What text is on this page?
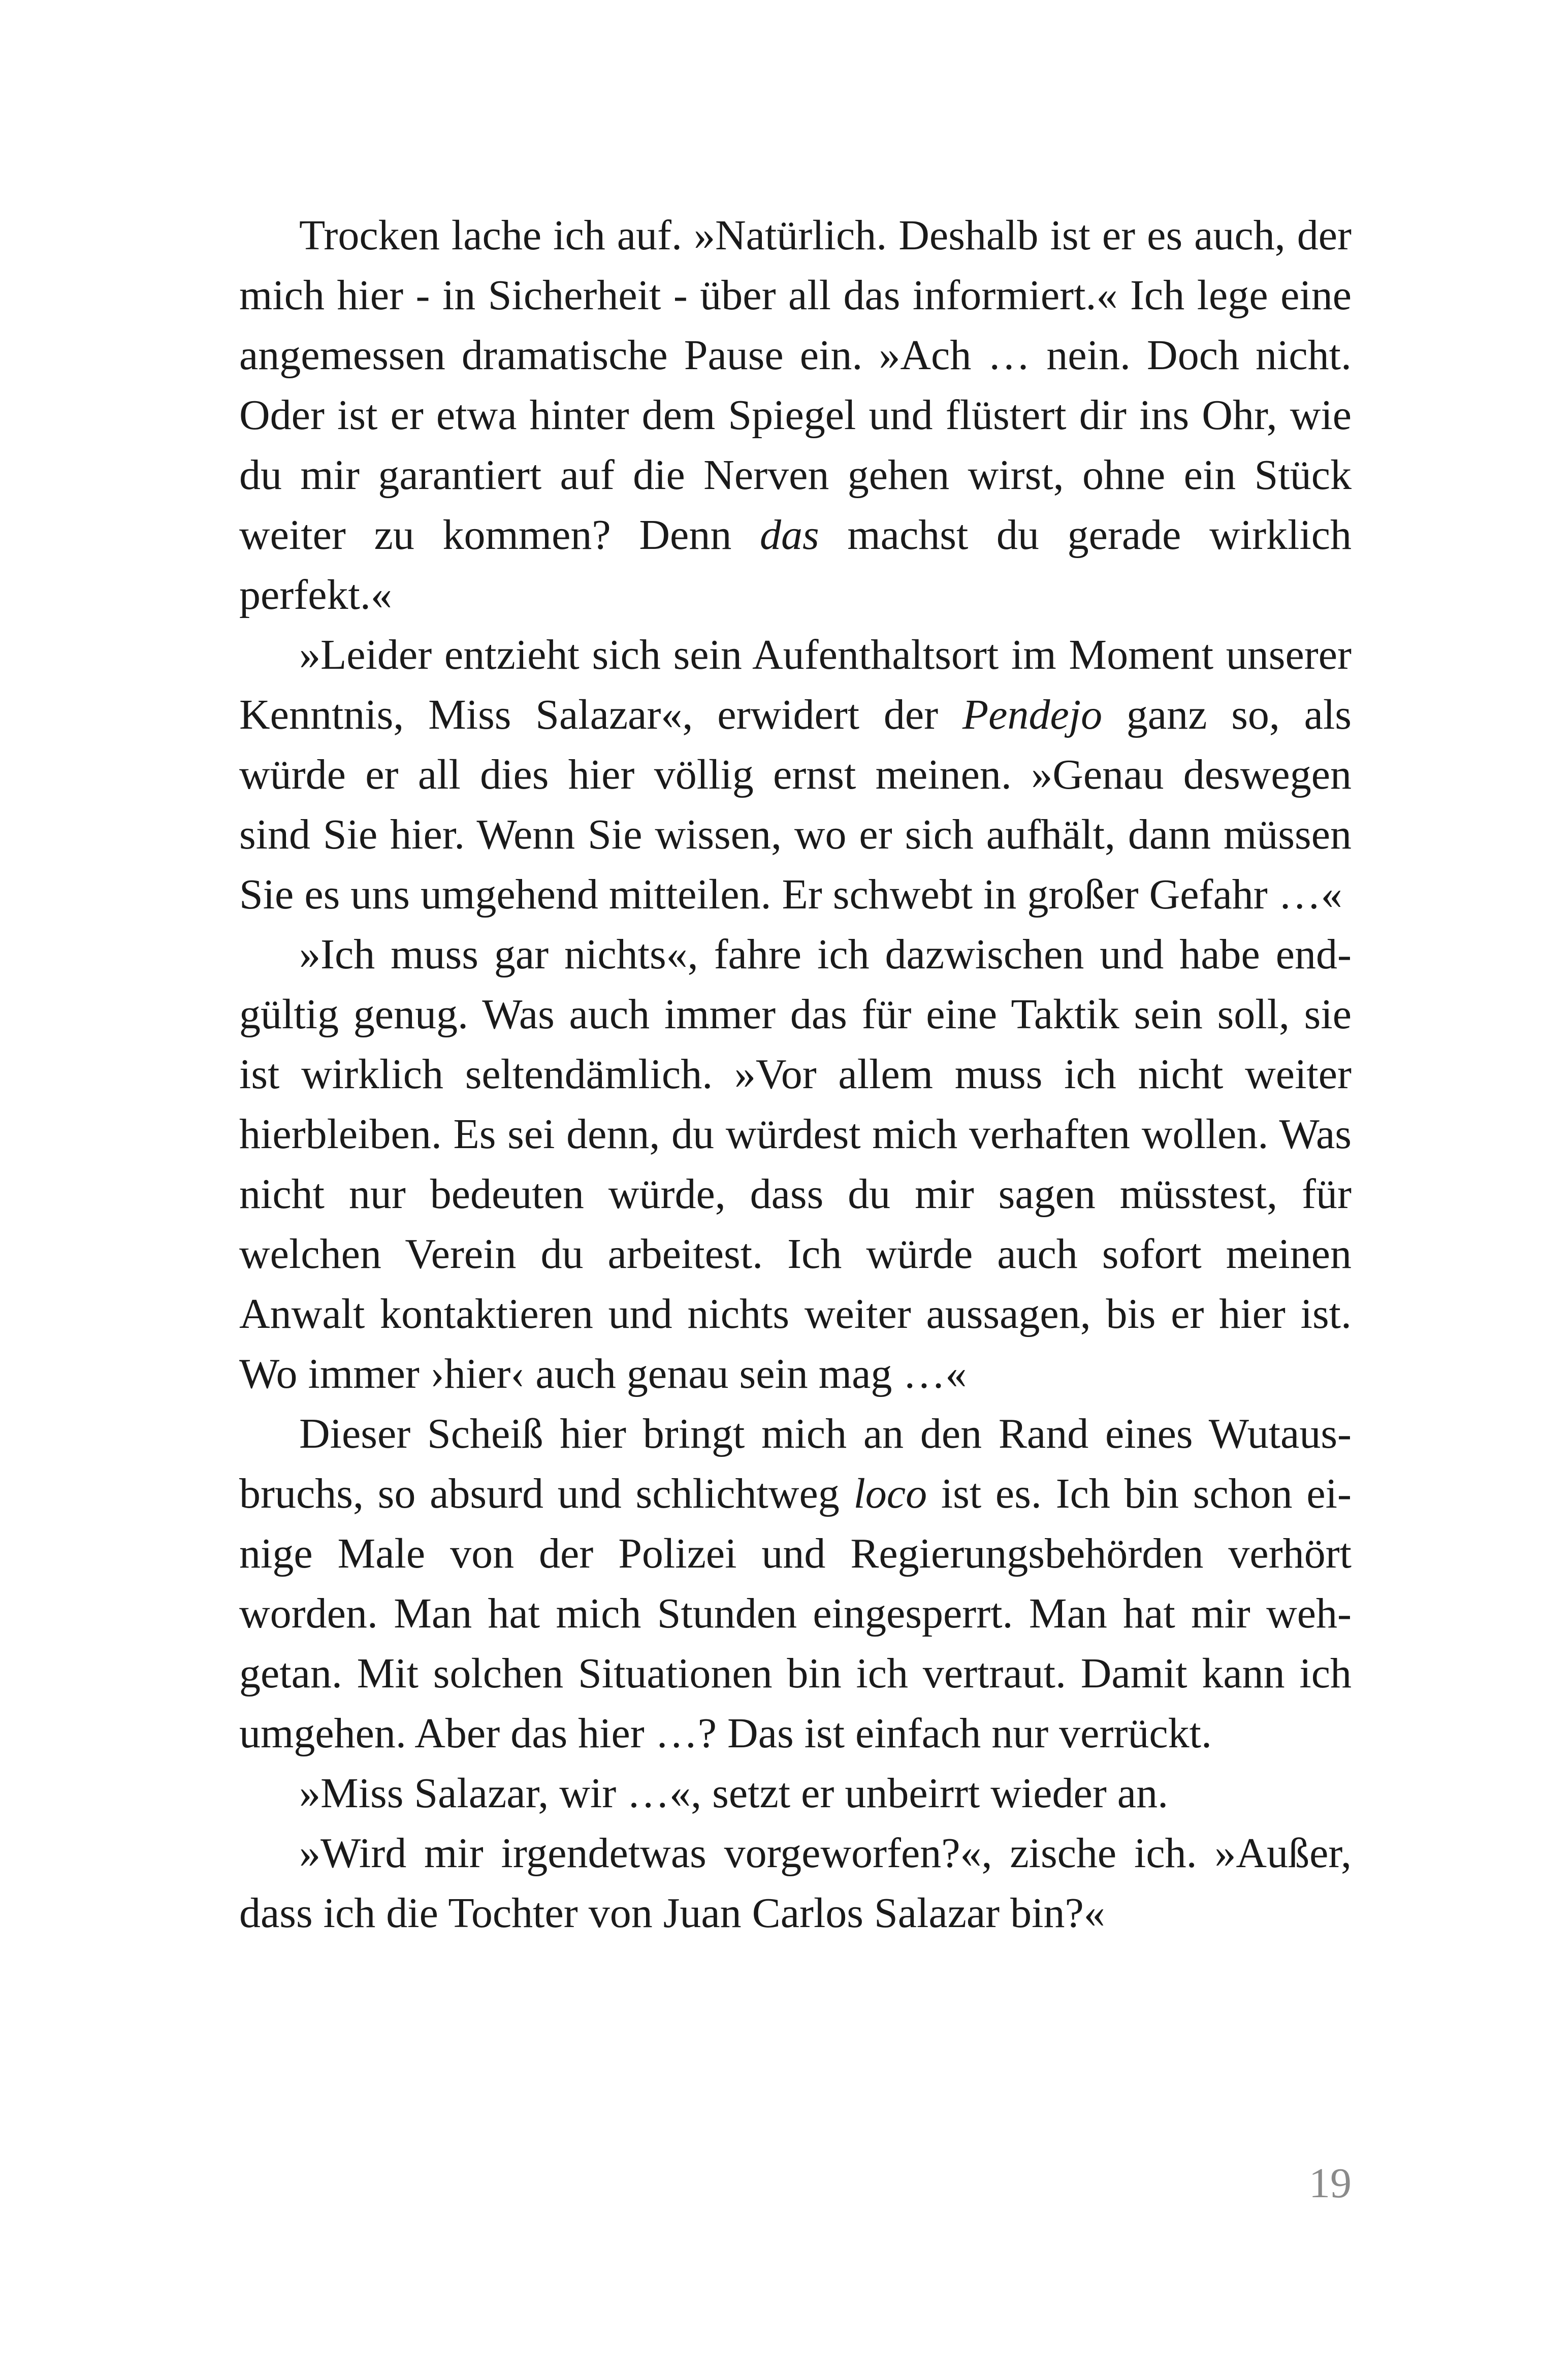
Trocken lache ich auf. »Natürlich. Deshalb ist er es auch, der mich hier - in Sicherheit - über all das informiert.« Ich lege eine angemessen dramatische Pause ein. »Ach … nein. Doch nicht. Oder ist er etwa hinter dem Spiegel und flüstert dir ins Ohr, wie du mir garantiert auf die Nerven gehen wirst, ohne ein Stück weiter zu kommen? Denn das machst du gerade wirklich perfekt.«

»Leider entzieht sich sein Aufenthaltsort im Moment unserer Kenntnis, Miss Salazar«, erwidert der Pendejo ganz so, als würde er all dies hier völlig ernst meinen. »Genau deswegen sind Sie hier. Wenn Sie wissen, wo er sich aufhält, dann müssen Sie es uns umgehend mitteilen. Er schwebt in großer Gefahr …«

»Ich muss gar nichts«, fahre ich dazwischen und habe endgültig genug. Was auch immer das für eine Taktik sein soll, sie ist wirklich seltendämlich. »Vor allem muss ich nicht weiter hierbleiben. Es sei denn, du würdest mich verhaften wollen. Was nicht nur bedeuten würde, dass du mir sagen müsstest, für welchen Verein du arbeitest. Ich würde auch sofort meinen Anwalt kontaktieren und nichts weiter aussagen, bis er hier ist. Wo immer ›hier‹ auch genau sein mag …«

Dieser Scheiß hier bringt mich an den Rand eines Wutausbruchs, so absurd und schlichtweg loco ist es. Ich bin schon einige Male von der Polizei und Regierungsbehörden verhört worden. Man hat mich Stunden eingesperrt. Man hat mir wehgetan. Mit solchen Situationen bin ich vertraut. Damit kann ich umgehen. Aber das hier …? Das ist einfach nur verrückt.

»Miss Salazar, wir …«, setzt er unbeirrt wieder an.

»Wird mir irgendetwas vorgeworfen?«, zische ich. »Außer, dass ich die Tochter von Juan Carlos Salazar bin?«

19
